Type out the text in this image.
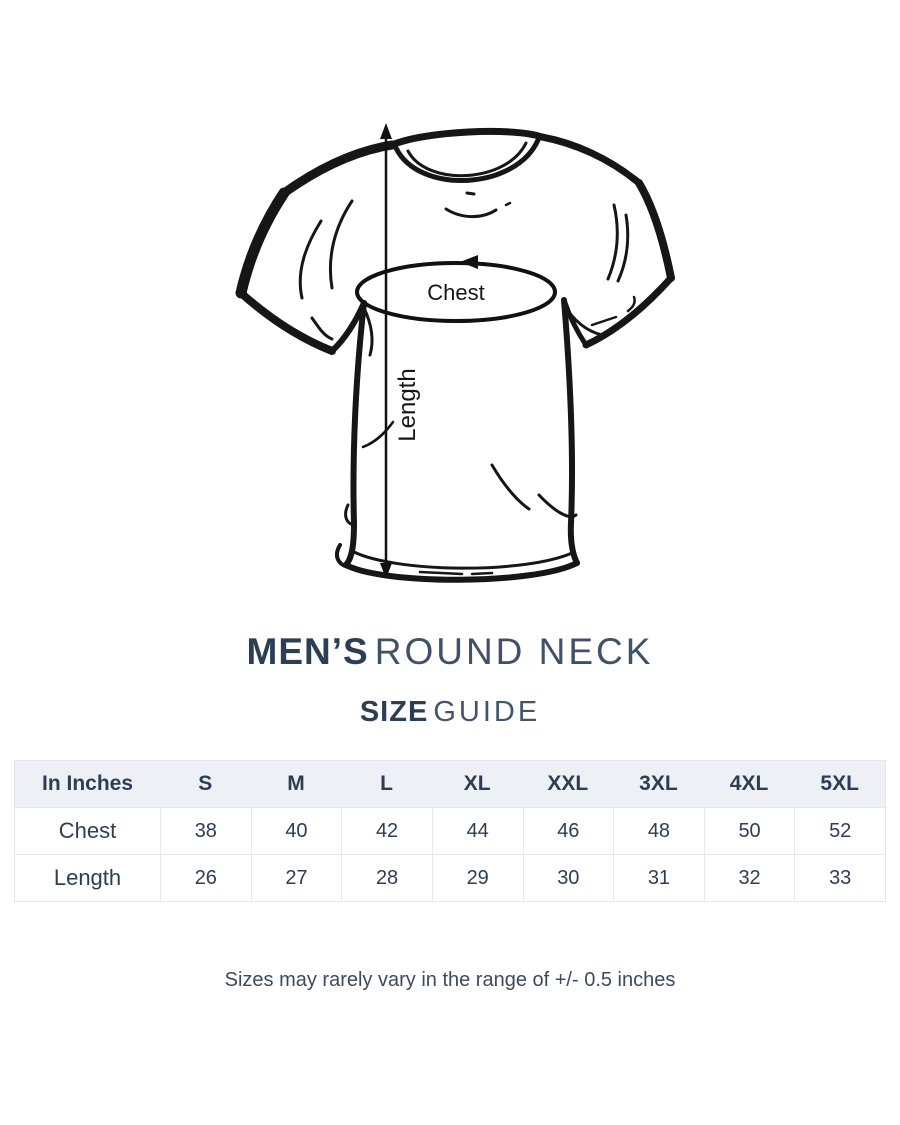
Chest
Length
MEN’S ROUND NECK
SIZE GUIDE
In Inches	S	M	L	XL	XXL	3XL	4XL	5XL
Chest	38	40	42	44	46	48	50	52
Length	26	27	28	29	30	31	32	33
Sizes may rarely vary in the range of +/- 0.5 inches
